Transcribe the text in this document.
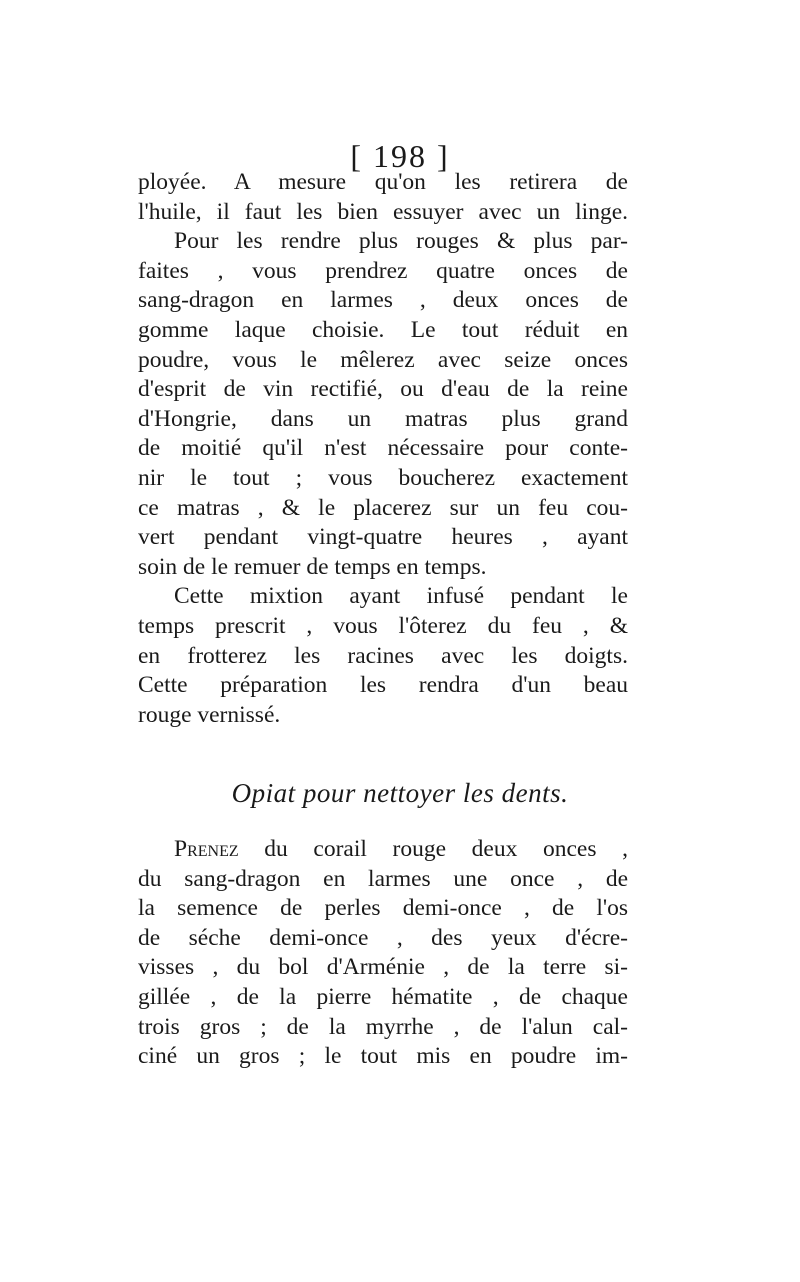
[ 198 ]
ployée. A mesure qu'on les retirera de
l'huile, il faut les bien essuyer avec un linge.
Pour les rendre plus rouges & plus par-
faites , vous prendrez quatre onces de
sang-dragon en larmes , deux onces de
gomme laque choisie. Le tout réduit en
poudre, vous le mêlerez avec seize onces
d'esprit de vin rectifié, ou d'eau de la reine
d'Hongrie, dans un matras plus grand
de moitié qu'il n'est nécessaire pour conte-
nir le tout ; vous boucherez exactement
ce matras , & le placerez sur un feu cou-
vert pendant vingt-quatre heures , ayant
soin de le remuer de temps en temps.
Cette mixtion ayant infusé pendant le
temps prescrit , vous l'ôterez du feu , &
en frotterez les racines avec les doigts.
Cette préparation les rendra d'un beau
rouge vernissé.
Opiat pour nettoyer les dents.
Prenez du corail rouge deux onces ,
du sang-dragon en larmes une once , de
la semence de perles demi-once , de l'os
de séche demi-once , des yeux d'écre-
visses , du bol d'Arménie , de la terre si-
gillée , de la pierre hématite , de chaque
trois gros ; de la myrrhe , de l'alun cal-
ciné un gros ; le tout mis en poudre im-
